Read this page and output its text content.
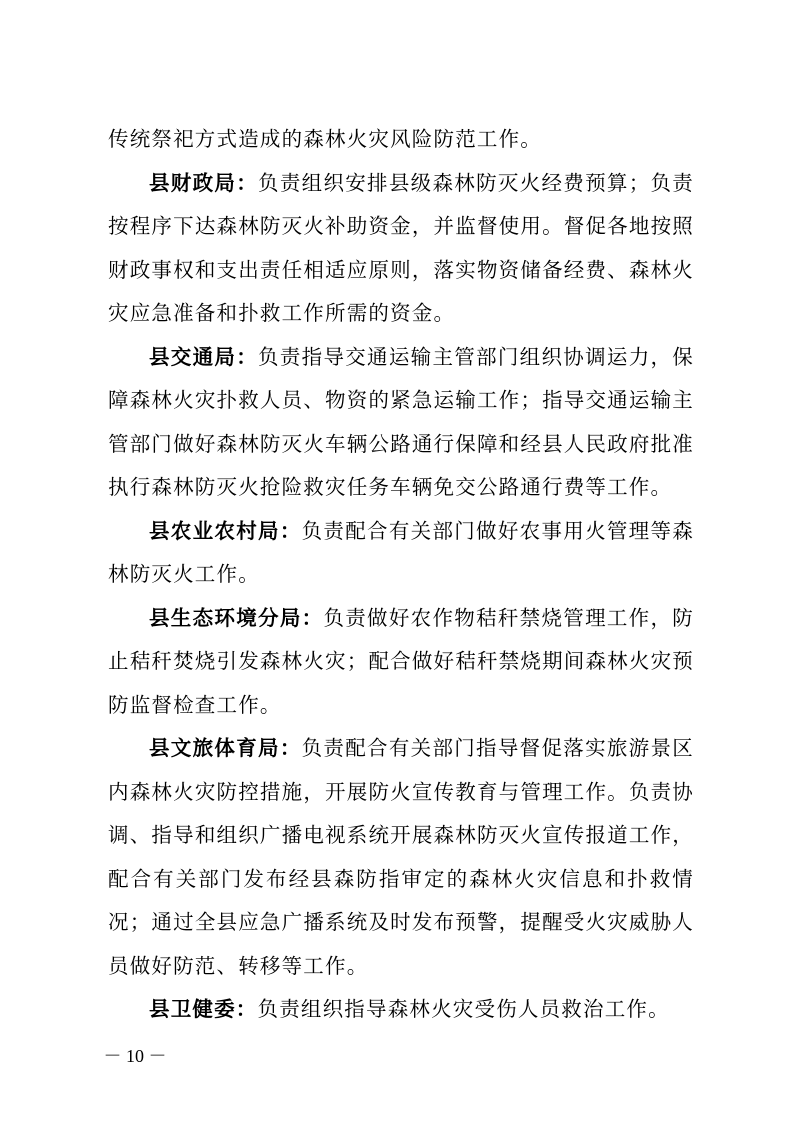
传统祭祀方式造成的森林火灾风险防范工作。

县财政局：负责组织安排县级森林防灭火经费预算；负责按程序下达森林防灭火补助资金，并监督使用。督促各地按照财政事权和支出责任相适应原则，落实物资储备经费、森林火灾应急准备和扑救工作所需的资金。

县交通局：负责指导交通运输主管部门组织协调运力，保障森林火灾扑救人员、物资的紧急运输工作；指导交通运输主管部门做好森林防灭火车辆公路通行保障和经县人民政府批准执行森林防灭火抢险救灾任务车辆免交公路通行费等工作。

县农业农村局：负责配合有关部门做好农事用火管理等森林防灭火工作。

县生态环境分局：负责做好农作物秸秆禁烧管理工作，防止秸秆焚烧引发森林火灾；配合做好秸秆禁烧期间森林火灾预防监督检查工作。

县文旅体育局：负责配合有关部门指导督促落实旅游景区内森林火灾防控措施，开展防火宣传教育与管理工作。负责协调、指导和组织广播电视系统开展森林防灭火宣传报道工作，配合有关部门发布经县森防指审定的森林火灾信息和扑救情况；通过全县应急广播系统及时发布预警，提醒受火灾威胁人员做好防范、转移等工作。

县卫健委：负责组织指导森林火灾受伤人员救治工作。

－ 10 －
